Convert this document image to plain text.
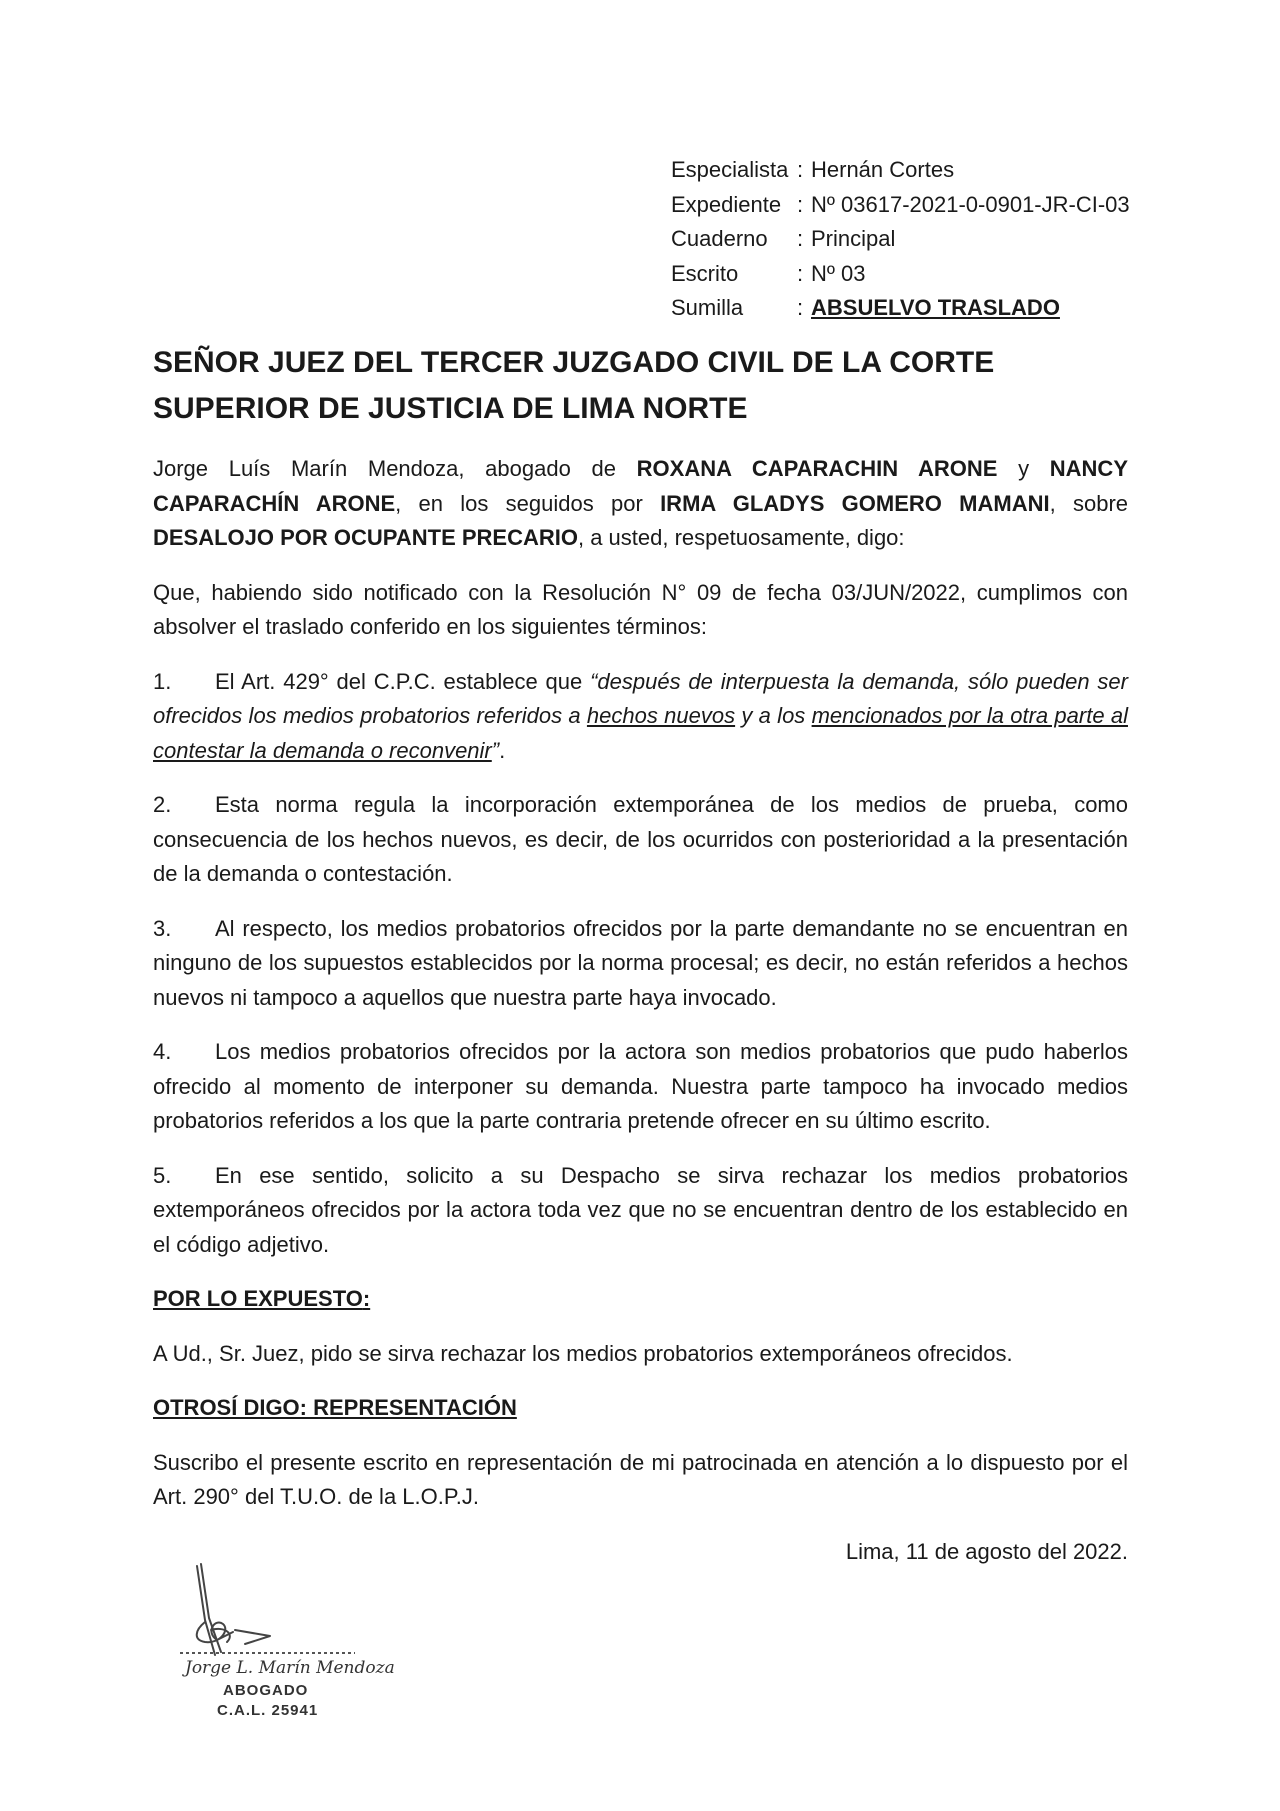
Especialista : Hernán Cortes
Expediente : Nº 03617-2021-0-0901-JR-CI-03
Cuaderno	: Principal
Escrito	: Nº 03
Sumilla	: ABSUELVO TRASLADO
SEÑOR JUEZ DEL TERCER JUZGADO CIVIL DE LA CORTE SUPERIOR DE JUSTICIA DE LIMA NORTE
Jorge Luís Marín Mendoza, abogado de ROXANA CAPARACHIN ARONE y NANCY CAPARACHÍN ARONE, en los seguidos por IRMA GLADYS GOMERO MAMANI, sobre DESALOJO POR OCUPANTE PRECARIO, a usted, respetuosamente, digo:
Que, habiendo sido notificado con la Resolución N° 09 de fecha 03/JUN/2022, cumplimos con absolver el traslado conferido en los siguientes términos:
1. El Art. 429° del C.P.C. establece que “después de interpuesta la demanda, sólo pueden ser ofrecidos los medios probatorios referidos a hechos nuevos y a los mencionados por la otra parte al contestar la demanda o reconvenir”.
2. Esta norma regula la incorporación extemporánea de los medios de prueba, como consecuencia de los hechos nuevos, es decir, de los ocurridos con posterioridad a la presentación de la demanda o contestación.
3. Al respecto, los medios probatorios ofrecidos por la parte demandante no se encuentran en ninguno de los supuestos establecidos por la norma procesal; es decir, no están referidos a hechos nuevos ni tampoco a aquellos que nuestra parte haya invocado.
4. Los medios probatorios ofrecidos por la actora son medios probatorios que pudo haberlos ofrecido al momento de interponer su demanda. Nuestra parte tampoco ha invocado medios probatorios referidos a los que la parte contraria pretende ofrecer en su último escrito.
5. En ese sentido, solicito a su Despacho se sirva rechazar los medios probatorios extemporáneos ofrecidos por la actora toda vez que no se encuentran dentro de los establecido en el código adjetivo.
POR LO EXPUESTO:
A Ud., Sr. Juez, pido se sirva rechazar los medios probatorios extemporáneos ofrecidos.
OTROSÍ DIGO: REPRESENTACIÓN
Suscribo el presente escrito en representación de mi patrocinada en atención a lo dispuesto por el Art. 290° del T.U.O. de la L.O.P.J.
Lima, 11 de agosto del 2022.
Jorge L. Marín Mendoza
ABOGADO
C.A.L. 25941
